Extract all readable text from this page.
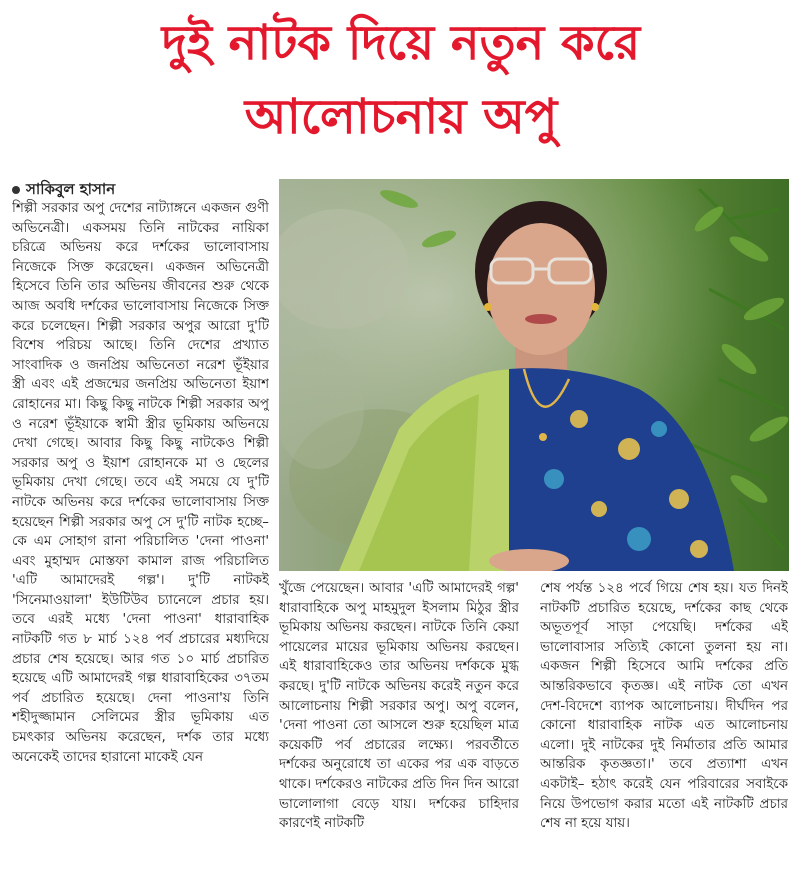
দুই নাটক দিয়ে নতুন করে
আলোচনায় অপু
সাকিবুল হাসান
শিল্পী সরকার অপু দেশের নাট্যাঙ্গনে একজন গুণী অভিনেত্রী। একসময় তিনি নাটকের নায়িকা চরিত্রে অভিনয় করে দর্শকের ভালোবাসায় নিজেকে সিক্ত করেছেন। একজন অভিনেত্রী হিসেবে তিনি তার অভিনয় জীবনের শুরু থেকে আজ অবধি দর্শকের ভালোবাসায় নিজেকে সিক্ত করে চলেছেন। শিল্পী সরকার অপুর আরো দু'টি বিশেষ পরিচয় আছে। তিনি দেশের প্রখ্যাত সাংবাদিক ও জনপ্রিয় অভিনেতা নরেশ ভূঁইয়ার স্ত্রী এবং এই প্রজন্মের জনপ্রিয় অভিনেতা ইয়াশ রোহানের মা। কিছু কিছু নাটকে শিল্পী সরকার অপু ও নরেশ ভূঁইয়াকে স্বামী স্ত্রীর ভূমিকায় অভিনয়ে দেখা গেছে। আবার কিছু কিছু নাটকেও শিল্পী সরকার অপু ও ইয়াশ রোহানকে মা ও ছেলের ভূমিকায় দেখা গেছে। তবে এই সময়ে যে দু'টি নাটকে অভিনয় করে দর্শকের ভালোবাসায় সিক্ত হয়েছেন শিল্পী সরকার অপু সে দু'টি নাটক হচ্ছে– কে এম সোহাগ রানা পরিচালিত 'দেনা পাওনা' এবং মুহাম্মদ মোস্তফা কামাল রাজ পরিচালিত 'এটি আমাদেরই গল্প'। দু'টি নাটকই 'সিনেমাওয়ালা' ইউটিউব চ্যানেলে প্রচার হয়। তবে এরই মধ্যে 'দেনা পাওনা' ধারাবাহিক নাটকটি গত ৮ মার্চ ১২৪ পর্ব প্রচারের মধ্যদিয়ে প্রচার শেষ হয়েছে। আর গত ১০ মার্চ প্রচারিত হয়েছে এটি আমাদেরই গল্প ধারাবাহিকের ৩৭তম পর্ব প্রচারিত হয়েছে। দেনা পাওনা'য় তিনি শহীদুজ্জামান সেলিমের স্ত্রীর ভূমিকায় এত চমৎকার অভিনয় করেছেন, দর্শক তার মধ্যে অনেকেই তাদের হারানো মাকেই যেন
খুঁজে পেয়েছেন। আবার 'এটি আমাদেরই গল্প' ধারাবাহিকে অপু মাহমুদুল ইসলাম মিঠুর স্ত্রীর ভূমিকায় অভিনয় করছেন। নাটকে তিনি কেয়া পায়েলের মায়ের ভূমিকায় অভিনয় করছেন। এই ধারাবাহিকেও তার অভিনয় দর্শককে মুগ্ধ করছে। দু'টি নাটকে অভিনয় করেই নতুন করে আলোচনায় শিল্পী সরকার অপু। অপু বলেন, 'দেনা পাওনা তো আসলে শুরু হয়েছিল মাত্র কয়েকটি পর্ব প্রচারের লক্ষ্যে। পরবর্তীতে দর্শকের অনুরোধে তা একের পর এক বাড়তে থাকে। দর্শকেরও নাটকের প্রতি দিন দিন আরো ভালোলাগা বেড়ে যায়। দর্শকের চাহিদার কারণেই নাটকটি
শেষ পর্যন্ত ১২৪ পর্বে গিয়ে শেষ হয়। যত দিনই নাটকটি প্রচারিত হয়েছে, দর্শকের কাছ থেকে অভূতপূর্ব সাড়া পেয়েছি। দর্শকের এই ভালোবাসার সত্যিই কোনো তুলনা হয় না। একজন শিল্পী হিসেবে আমি দর্শকের প্রতি আন্তরিকভাবে কৃতজ্ঞ। এই নাটক তো এখন দেশ-বিদেশে ব্যাপক আলোচনায়। দীর্ঘদিন পর কোনো ধারাবাহিক নাটক এত আলোচনায় এলো। দুই নাটকের দুই নির্মাতার প্রতি আমার আন্তরিক কৃতজ্ঞতা।' তবে প্রত্যাশা এখন একটাই– হঠাৎ করেই যেন পরিবারের সবাইকে নিয়ে উপভোগ করার মতো এই নাটকটি প্রচার শেষ না হয়ে যায়।
